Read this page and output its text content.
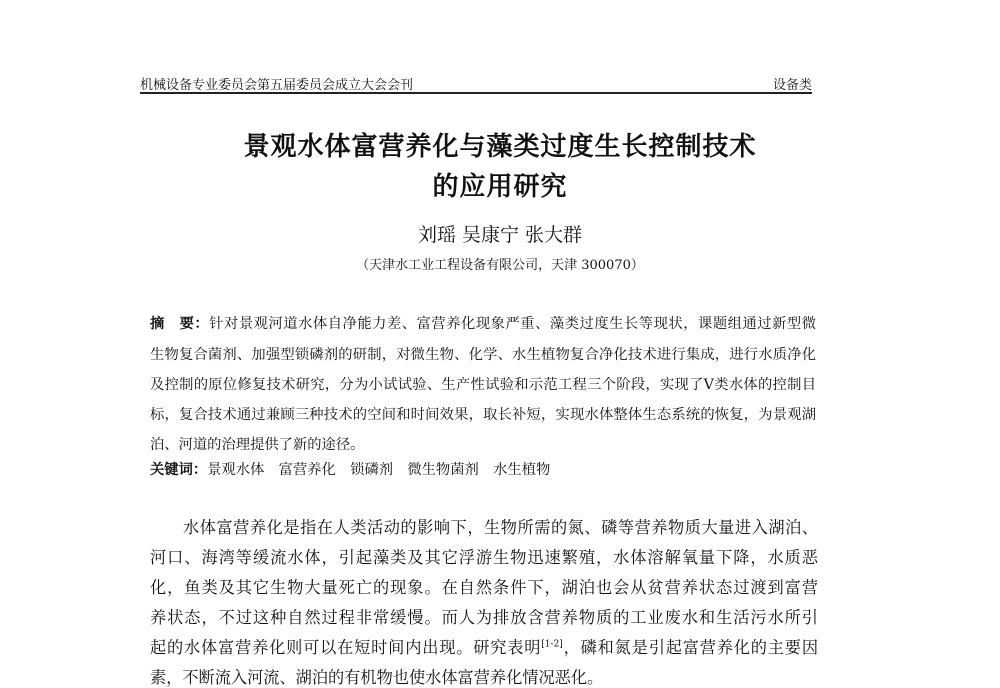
机械设备专业委员会第五届委员会成立大会会刊	设备类
景观水体富营养化与藻类过度生长控制技术
的应用研究
刘瑶 吴康宁 张大群
（天津水工业工程设备有限公司，天津 300070）
摘　要：针对景观河道水体自净能力差、富营养化现象严重、藻类过度生长等现状，课题组通过新型微
生物复合菌剂、加强型锁磷剂的研制，对微生物、化学、水生植物复合净化技术进行集成，进行水质净化
及控制的原位修复技术研究，分为小试试验、生产性试验和示范工程三个阶段，实现了Ⅴ类水体的控制目
标，复合技术通过兼顾三种技术的空间和时间效果，取长补短，实现水体整体生态系统的恢复，为景观湖
泊、河道的治理提供了新的途径。
关键词：景观水体　富营养化　锁磷剂　微生物菌剂　水生植物
水体富营养化是指在人类活动的影响下，生物所需的氮、磷等营养物质大量进入湖泊、
河口、海湾等缓流水体，引起藻类及其它浮游生物迅速繁殖，水体溶解氧量下降，水质恶
化，鱼类及其它生物大量死亡的现象。在自然条件下，湖泊也会从贫营养状态过渡到富营
养状态，不过这种自然过程非常缓慢。而人为排放含营养物质的工业废水和生活污水所引
起的水体富营养化则可以在短时间内出现。研究表明[1-2]，磷和氮是引起富营养化的主要因
素，不断流入河流、湖泊的有机物也使水体富营养化情况恶化。
